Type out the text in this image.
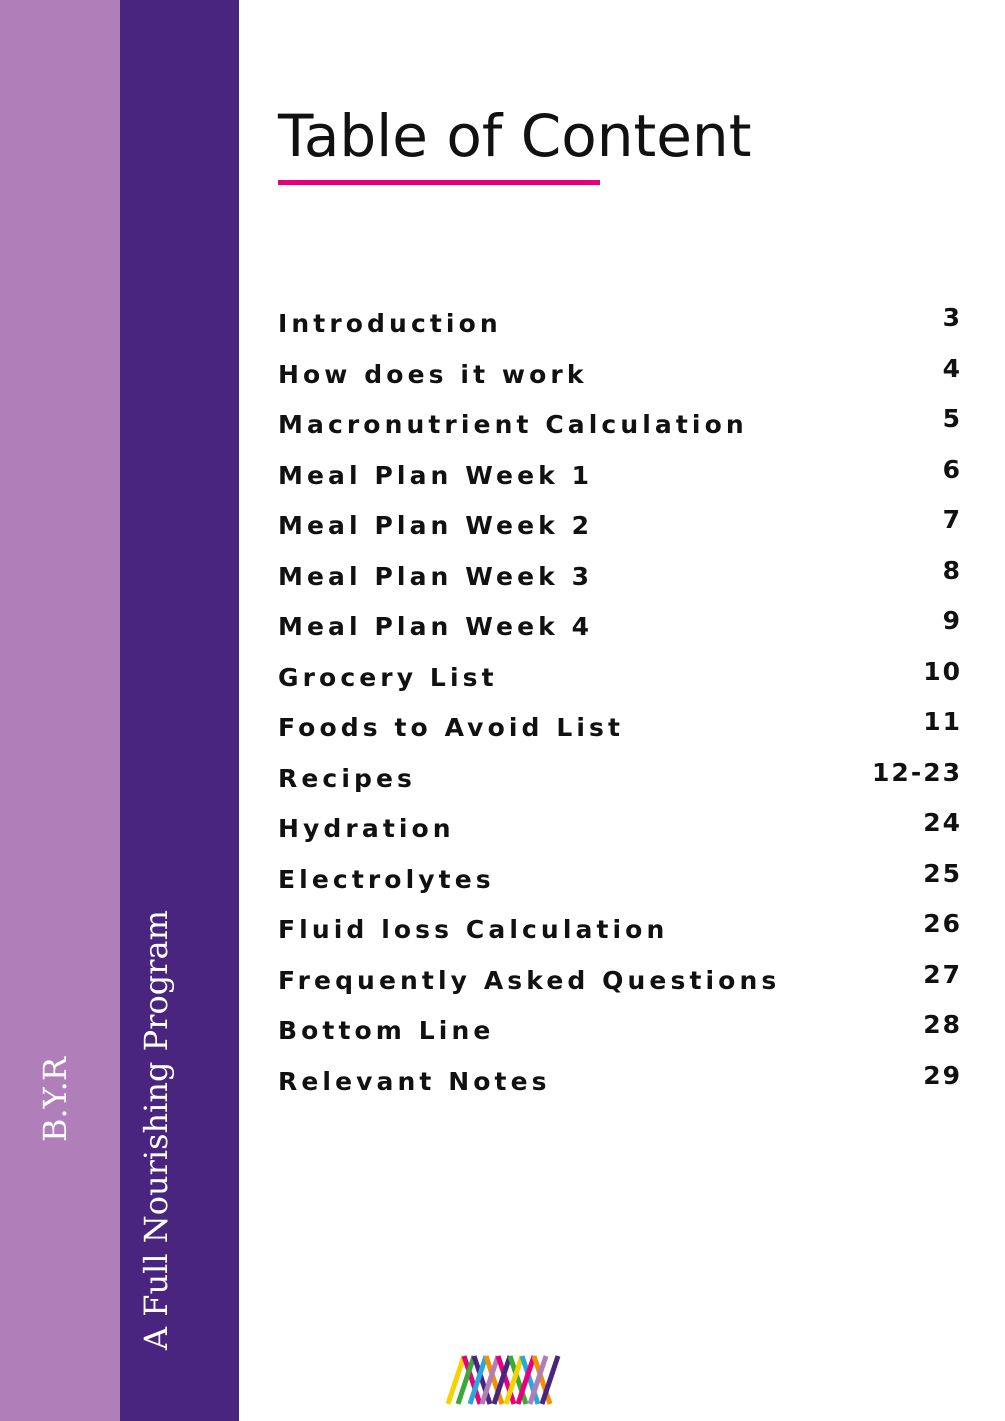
B.Y.R A Full Nourishing Program
Table of Content
Introduction	3
How does it work	4
Macronutrient Calculation	5
Meal Plan Week 1	6
Meal Plan Week 2	7
Meal Plan Week 3	8
Meal Plan Week 4	9
Grocery List	10
Foods to Avoid List	11
Recipes	12-23
Hydration	24
Electrolytes	25
Fluid loss Calculation	26
Frequently Asked Questions	27
Bottom Line	28
Relevant Notes	29
